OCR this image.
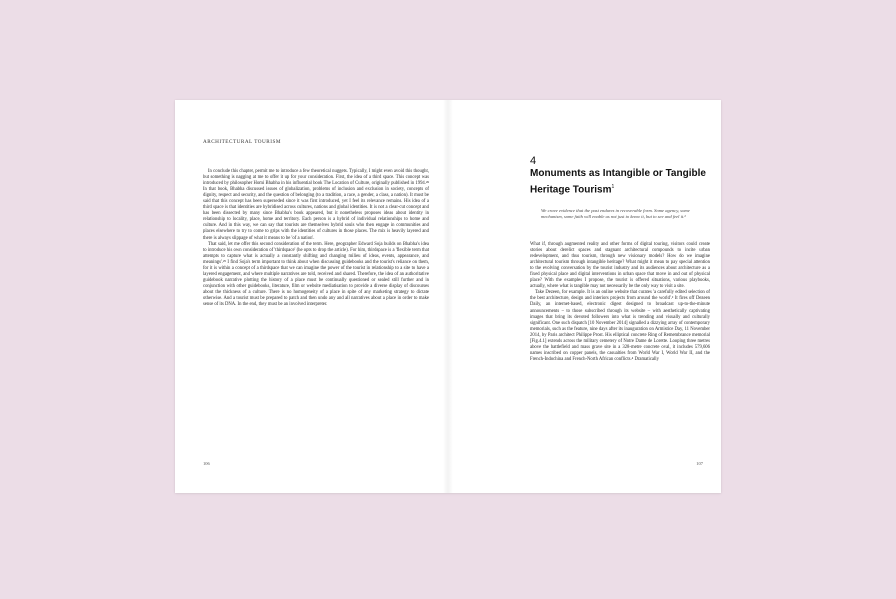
ARCHITECTURAL TOURISM

In conclude this chapter, permit me to introduce a few theoretical nuggets. Typically, I might even avoid this thought, but something is nagging at me to offer it up for your consideration. First, the idea of a third space. This concept was introduced by philosopher Homi Bhabha in his influential book The Location of Culture, originally published in 1994.²⁸ In that book, Bhabha discussed issues of globalization, problems of inclusion and exclusion in society, concepts of dignity, respect and security, and the question of belonging (to a tradition, a race, a gender, a class, a nation). It must be said that this concept has been superseded since it was first introduced, yet I feel its relevance remains. His idea of a third space is that identities are hybridised across cultures, nations and global identities. It is not a clear-cut concept and has been dissected by many since Bhabha's book appeared, but it nonetheless proposes ideas about identity in relationship to locality, place, home and territory. Each person is a hybrid of individual relationships to home and culture. And in this way, we can say that tourists are themselves hybrid souls who then engage in communities and places elsewhere to try to come to grips with the identities of cultures in those places. The mix is heavily layered and there is always slippage of what it means to be 'of a nation'.

That said, let me offer this second consideration of the term. Here, geographer Edward Soja builds on Bhabha's idea to introduce his own consideration of 'thirdspace' (he opts to drop the article). For him, thirdspace is a 'flexible term that attempts to capture what is actually a constantly shifting and changing milieu of ideas, events, appearance, and meanings'.²⁹ I find Soja's term important to think about when discussing guidebooks and the tourist's reliance on them, for it is within a concept of a thirdspace that we can imagine the power of the tourist in relationship to a site to have a layered engagement, and where multiple narratives are told, received and shared. Therefore, the idea of an authoritative guidebook narrative plotting the history of a place must be continually questioned or sealed still further and in conjunction with other guidebooks, literature, film or website mediatisation to provide a diverse display of discourses about the thickness of a culture. There is no homogeneity of a place in spite of any marketing strategy to dictate otherwise. And a tourist must be prepared to patch and then undo any and all narratives about a place in order to make sense of its DNA. In the end, they must be an involved interpreter.

106
4
Monuments as Intangible or Tangible Heritage Tourism$^1$
We crave evidence that the past endures in recoverable form. Some agency, some mechanism, some faith will enable us not just to know it, but to see and feel it.²

What if, through augmented reality and other forms of digital touring, visitors could create stories about derelict spaces and stagnant architectural compounds to incite urban redevelopment, and thus tourism, through new visionary models? How do we imagine architectural tourism through intangible heritage? What might it mean to pay special attention to the evolving conversation by the tourist industry and its audiences about architecture as a fixed physical place and digital interventions in urban space that move in and out of physical place? With the examples I propose, the tourist is offered situations, various playbooks, actually, where what is tangible may not necessarily be the only way to visit a site.

Take Dezeen, for example. It is an online website that curates 'a carefully edited selection of the best architecture, design and interiors projects from around the world'.³ It fires off Dezeen Daily, an internet-based, electronic digest designed to broadcast up-to-the-minute announcements – to those subscribed through its website – with aesthetically captivating images that bring its devoted followers into what is trending and visually and culturally significant. One such dispatch [10 November 2014] signalled a dizzying array of contemporary memorials, such as the feature, nine days after its inauguration on Armistice Day, 11 November 2014, by Paris architect Philippe Prost. His elliptical concrete Ring of Remembrance memorial [Fig.4.1] extends across the military cemetery of Notre Dame de Lorette. Looping three metres above the battlefield and mass grave site in a 328-metre concrete oval, it includes 579,606 names inscribed on copper panels, the casualties from World War I, World War II, and the French-Indochina and French-North African conflicts.⁴ Dramatically

107
